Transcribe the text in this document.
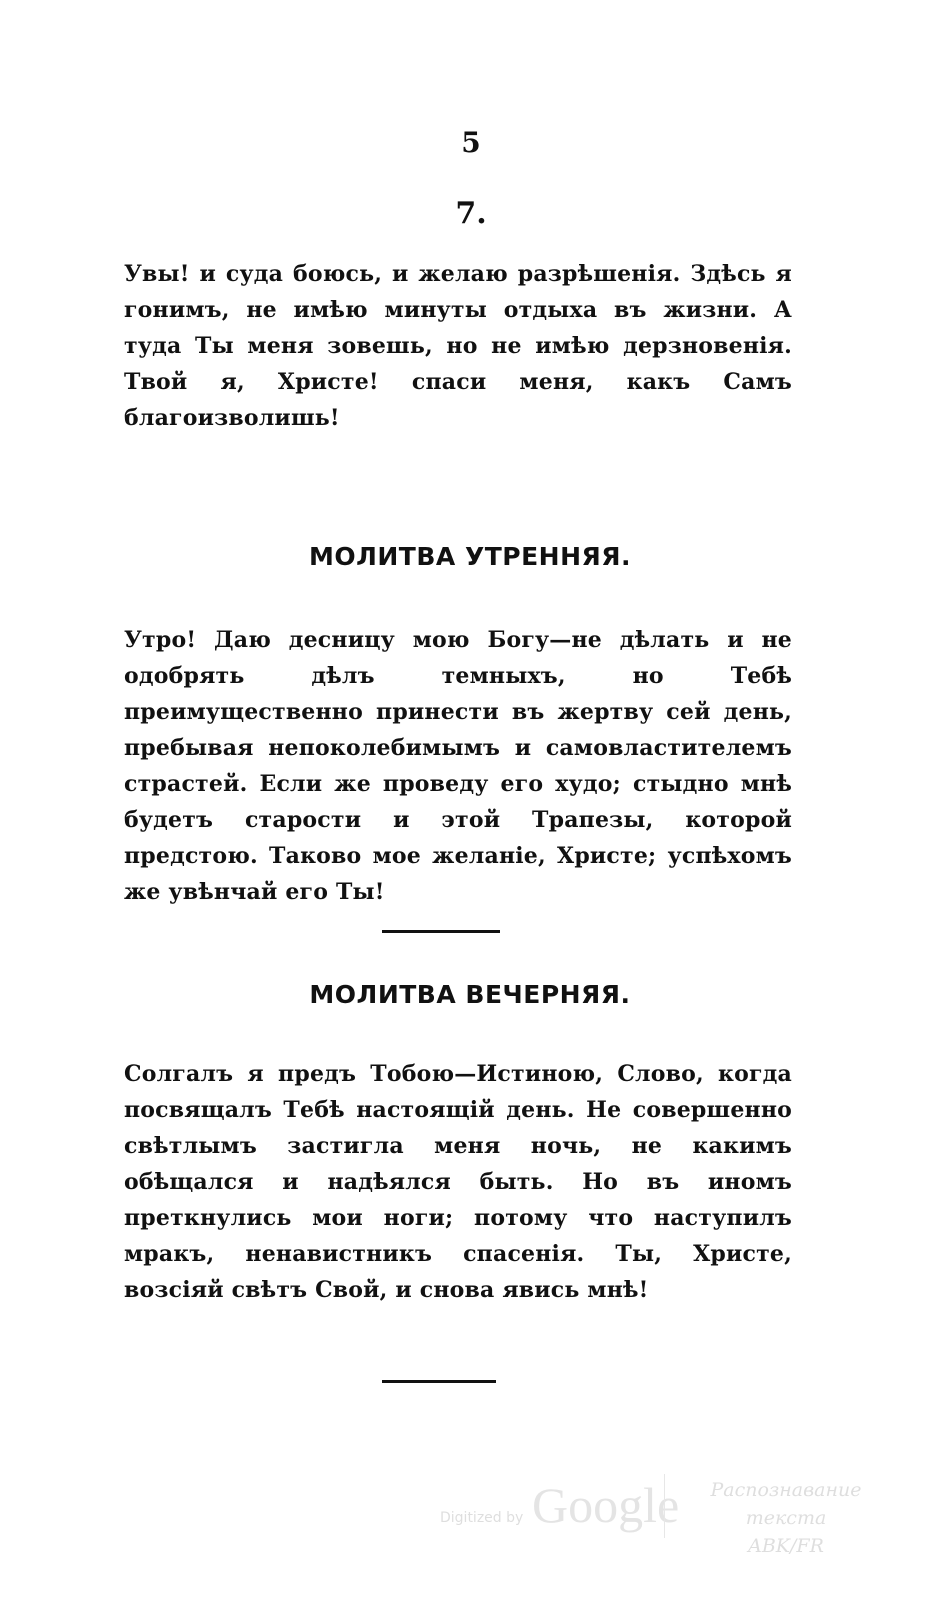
5
7.
Увы! и суда боюсь, и желаю разрѣшенія. Здѣсь я гонимъ, не имѣю минуты отдыха въ жизни. А туда Ты меня зовешь, но не имѣю дерзновенія. Твой я, Христе! спаси меня, какъ Самъ благоизволишь!
МОЛИТВА УТРЕННЯЯ.
Утро! Даю десницу мою Богу—не дѣлать и не одобрять дѣлъ темныхъ, но Тебѣ преимущественно принести въ жертву сей день, пребывая непоколебимымъ и самовластителемъ страстей. Если же проведу его худо; стыдно мнѣ будетъ старости и этой Трапезы, которой предстою. Таково мое желаніе, Христе; успѣхомъ же увѣнчай его Ты!
МОЛИТВА ВЕЧЕРНЯЯ.
Солгалъ я предъ Тобою—Истиною, Слово, когда посвящалъ Тебѣ настоящій день. Не совершенно свѣтлымъ застигла меня ночь, не какимъ обѣщался и надѣялся быть. Но въ иномъ преткнулись мои ноги; потому что наступилъ мракъ, ненавистникъ спасенія. Ты, Христе, возсіяй свѣтъ Свой, и снова явись мнѣ!
Digitized by Google	Распознавание текста
ABK/FR
